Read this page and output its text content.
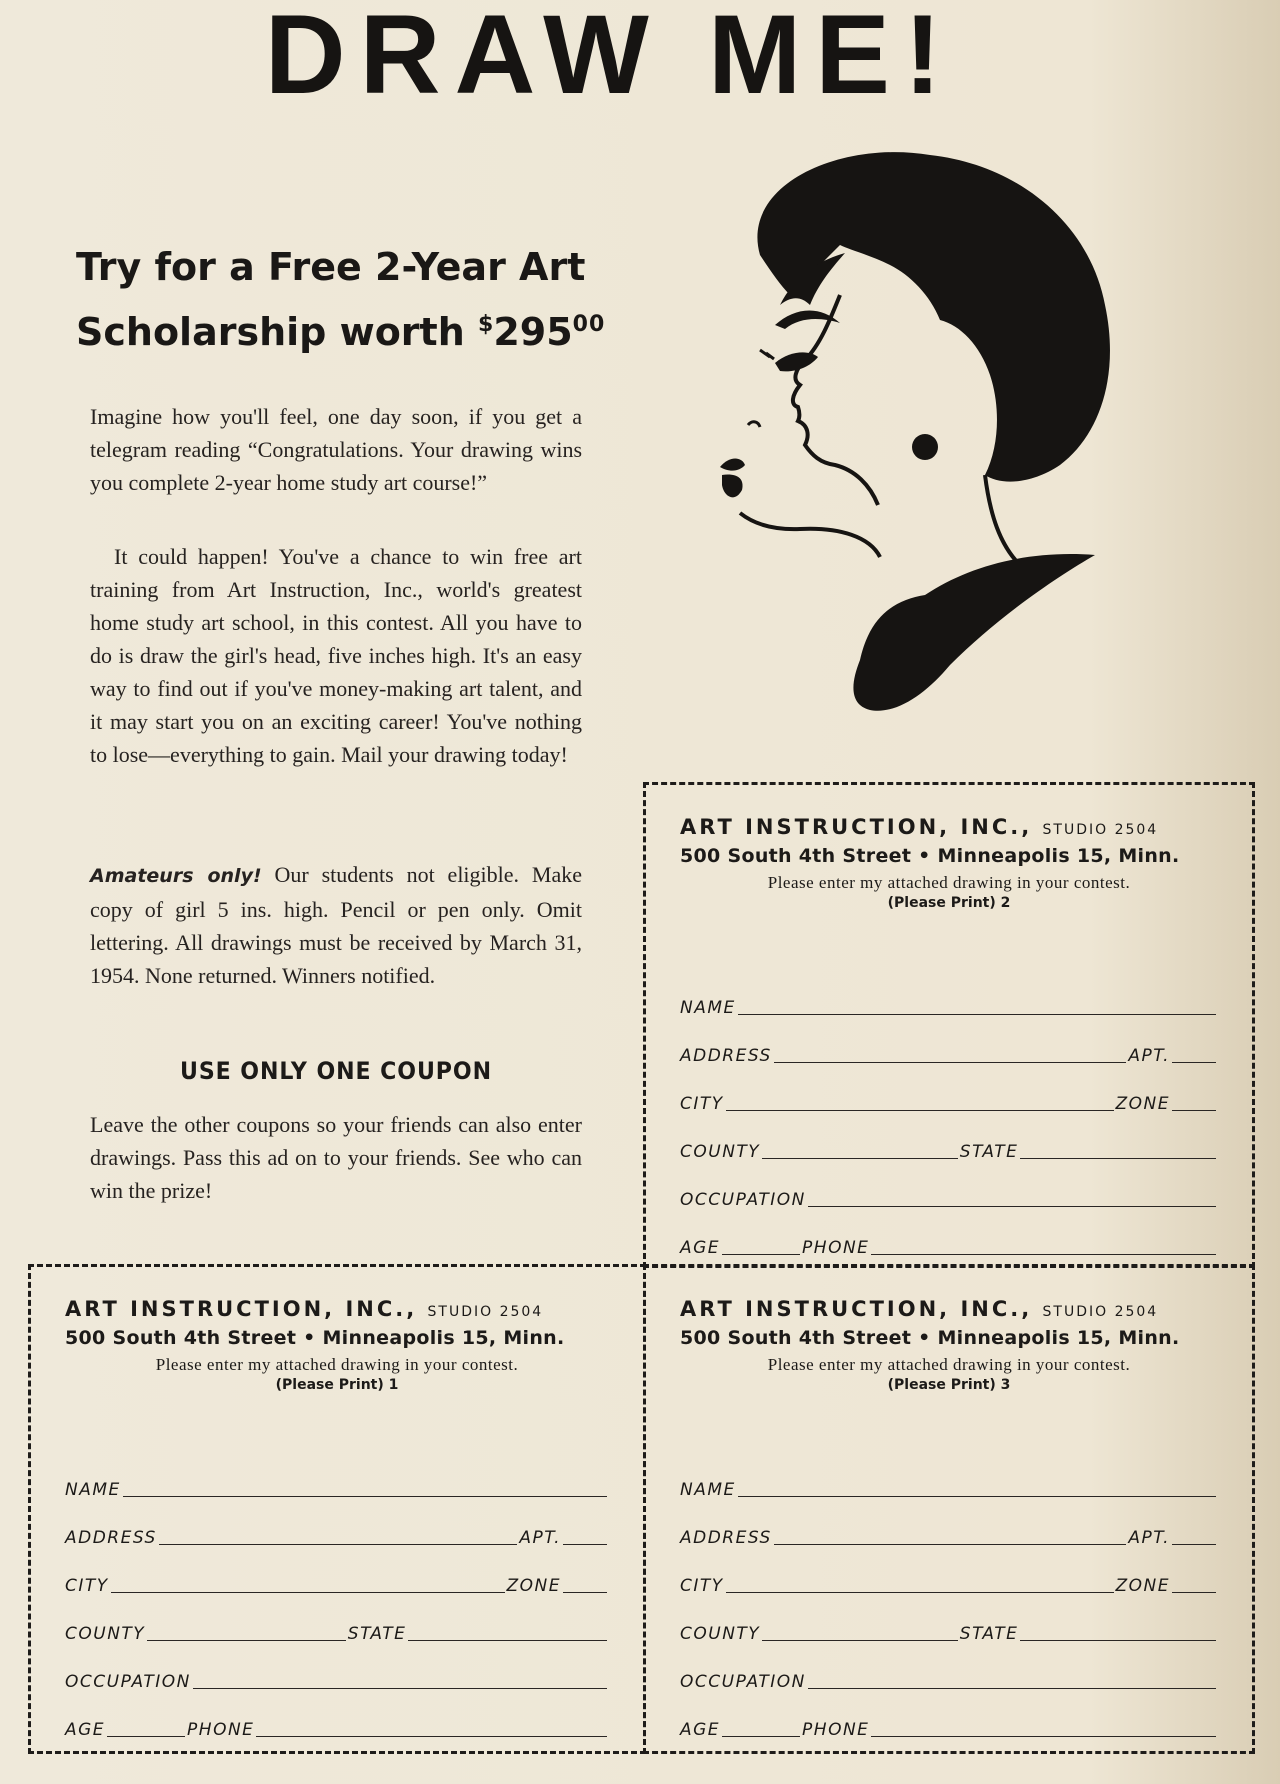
DRAW ME!
Try for a Free 2-Year Art
Scholarship worth $^{\$}295^{00}$
Imagine how you'll feel, one day soon, if you get a telegram reading “Congratulations. Your drawing wins you complete 2-year home study art course!”
It could happen! You've a chance to win free art training from Art Instruction, Inc., world's greatest home study art school, in this contest. All you have to do is draw the girl's head, five inches high. It's an easy way to find out if you've money-making art talent, and it may start you on an exciting career! You've nothing to lose—everything to gain. Mail your drawing today!
Amateurs only! Our students not eligible. Make copy of girl 5 ins. high. Pencil or pen only. Omit lettering. All drawings must be received by March 31, 1954. None returned. Winners notified.
USE ONLY ONE COUPON
Leave the other coupons so your friends can also enter drawings. Pass this ad on to your friends. See who can win the prize!
ART INSTRUCTION, INC., STUDIO 2504
500 South 4th Street • Minneapolis 15, Minn.
Please enter my attached drawing in your contest.
(Please Print) 2
NAME
ADDRESS	APT.
CITY	ZONE
COUNTY	STATE
OCCUPATION
AGE	PHONE
ART INSTRUCTION, INC., STUDIO 2504
500 South 4th Street • Minneapolis 15, Minn.
Please enter my attached drawing in your contest.
(Please Print) 1
NAME
ADDRESS	APT.
CITY	ZONE
COUNTY	STATE
OCCUPATION
AGE	PHONE
ART INSTRUCTION, INC., STUDIO 2504
500 South 4th Street • Minneapolis 15, Minn.
Please enter my attached drawing in your contest.
(Please Print) 3
NAME
ADDRESS	APT.
CITY	ZONE
COUNTY	STATE
OCCUPATION
AGE	PHONE
